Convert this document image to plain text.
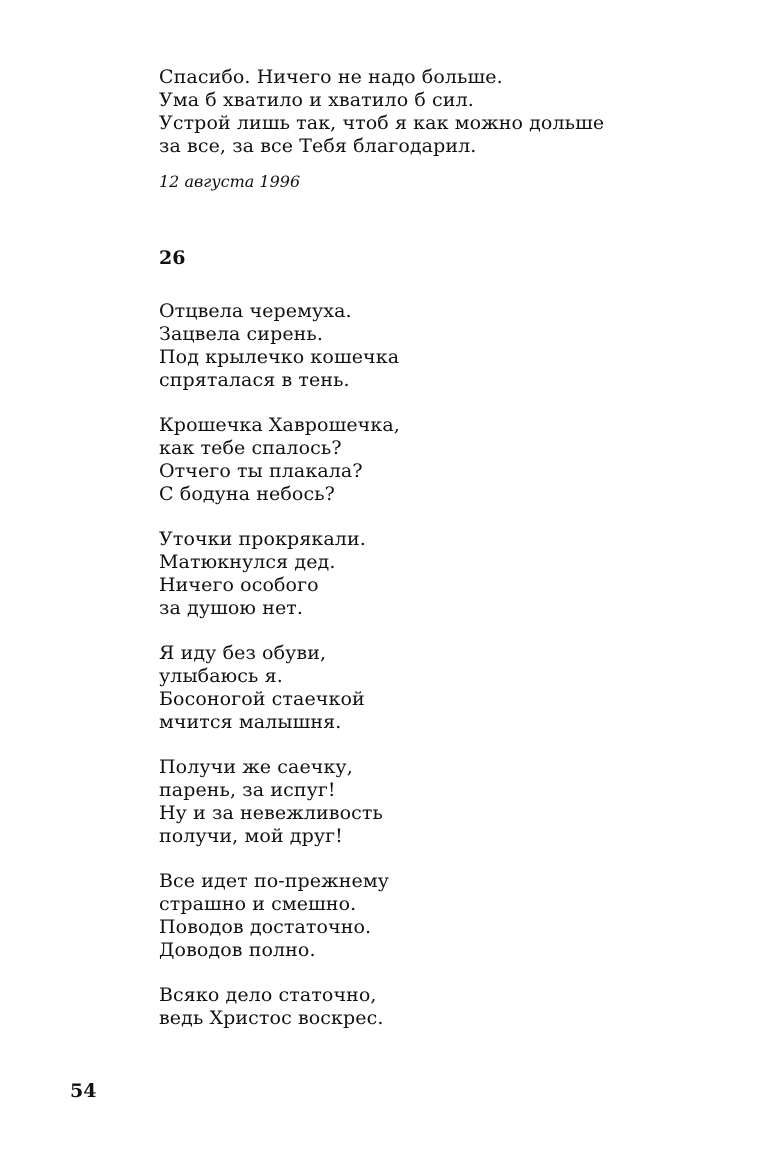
Спасибо. Ничего не надо больше.
Ума б хватило и хватило б сил.
Устрой лишь так, чтоб я как можно дольше
за все, за все Тебя благодарил.
12 августа 1996
26
Отцвела черемуха.
Зацвела сирень.
Под крылечко кошечка
спряталася в тень.
Крошечка Хаврошечка,
как тебе спалось?
Отчего ты плакала?
С бодуна небось?
Уточки прокрякали.
Матюкнулся дед.
Ничего особого
за душою нет.
Я иду без обуви,
улыбаюсь я.
Босоногой стаечкой
мчится малышня.
Получи же саечку,
парень, за испуг!
Ну и за невежливость
получи, мой друг!
Все идет по-прежнему
страшно и смешно.
Поводов достаточно.
Доводов полно.
Всяко дело статочно,
ведь Христос воскрес.
54
